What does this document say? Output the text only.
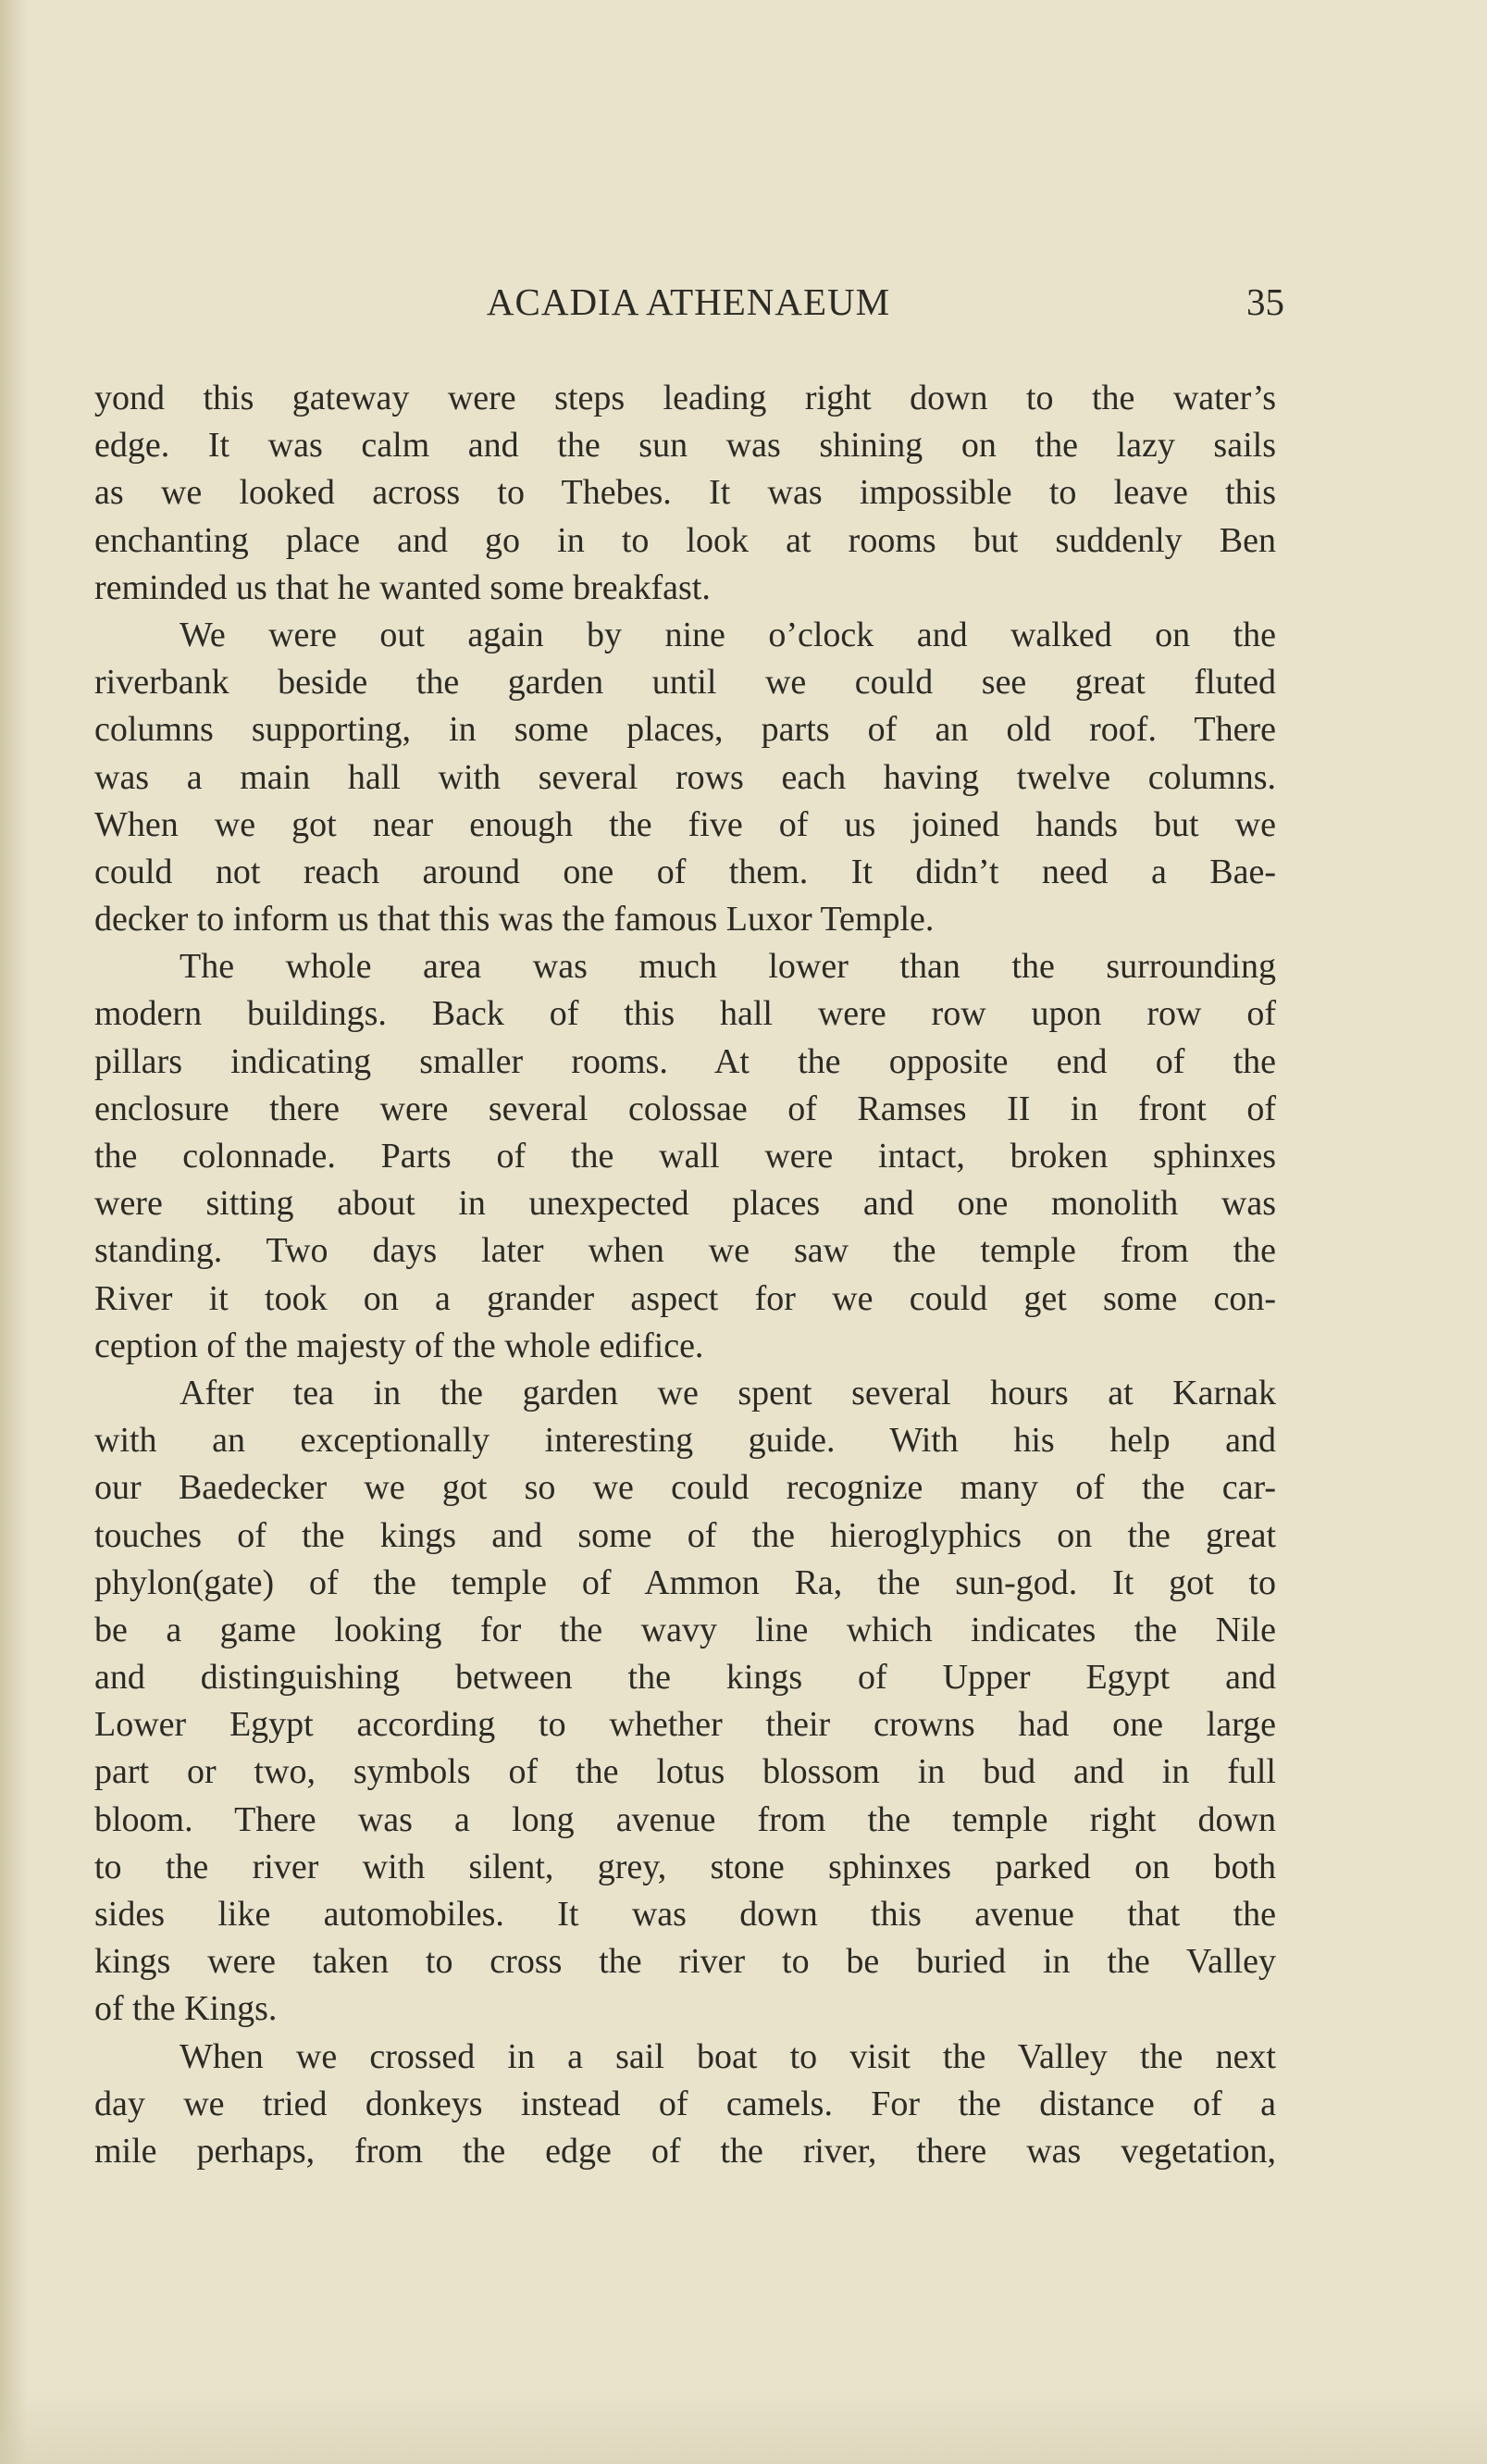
ACADIA ATHENAEUM	35
yond this gateway were steps leading right down to the water’s
edge. It was calm and the sun was shining on the lazy sails
as we looked across to Thebes. It was impossible to leave this
enchanting place and go in to look at rooms but suddenly Ben
reminded us that he wanted some breakfast.
We were out again by nine o’clock and walked on the
riverbank beside the garden until we could see great fluted
columns supporting, in some places, parts of an old roof. There
was a main hall with several rows each having twelve columns.
When we got near enough the five of us joined hands but we
could not reach around one of them. It didn’t need a Bae-
decker to inform us that this was the famous Luxor Temple.
The whole area was much lower than the surrounding
modern buildings. Back of this hall were row upon row of
pillars indicating smaller rooms. At the opposite end of the
enclosure there were several colossae of Ramses II in front of
the colonnade. Parts of the wall were intact, broken sphinxes
were sitting about in unexpected places and one monolith was
standing. Two days later when we saw the temple from the
River it took on a grander aspect for we could get some con-
ception of the majesty of the whole edifice.
After tea in the garden we spent several hours at Karnak
with an exceptionally interesting guide. With his help and
our Baedecker we got so we could recognize many of the car-
touches of the kings and some of the hieroglyphics on the great
phylon(gate) of the temple of Ammon Ra, the sun-god. It got to
be a game looking for the wavy line which indicates the Nile
and distinguishing between the kings of Upper Egypt and
Lower Egypt according to whether their crowns had one large
part or two, symbols of the lotus blossom in bud and in full
bloom. There was a long avenue from the temple right down
to the river with silent, grey, stone sphinxes parked on both
sides like automobiles. It was down this avenue that the
kings were taken to cross the river to be buried in the Valley
of the Kings.
When we crossed in a sail boat to visit the Valley the next
day we tried donkeys instead of camels. For the distance of a
mile perhaps, from the edge of the river, there was vegetation,
